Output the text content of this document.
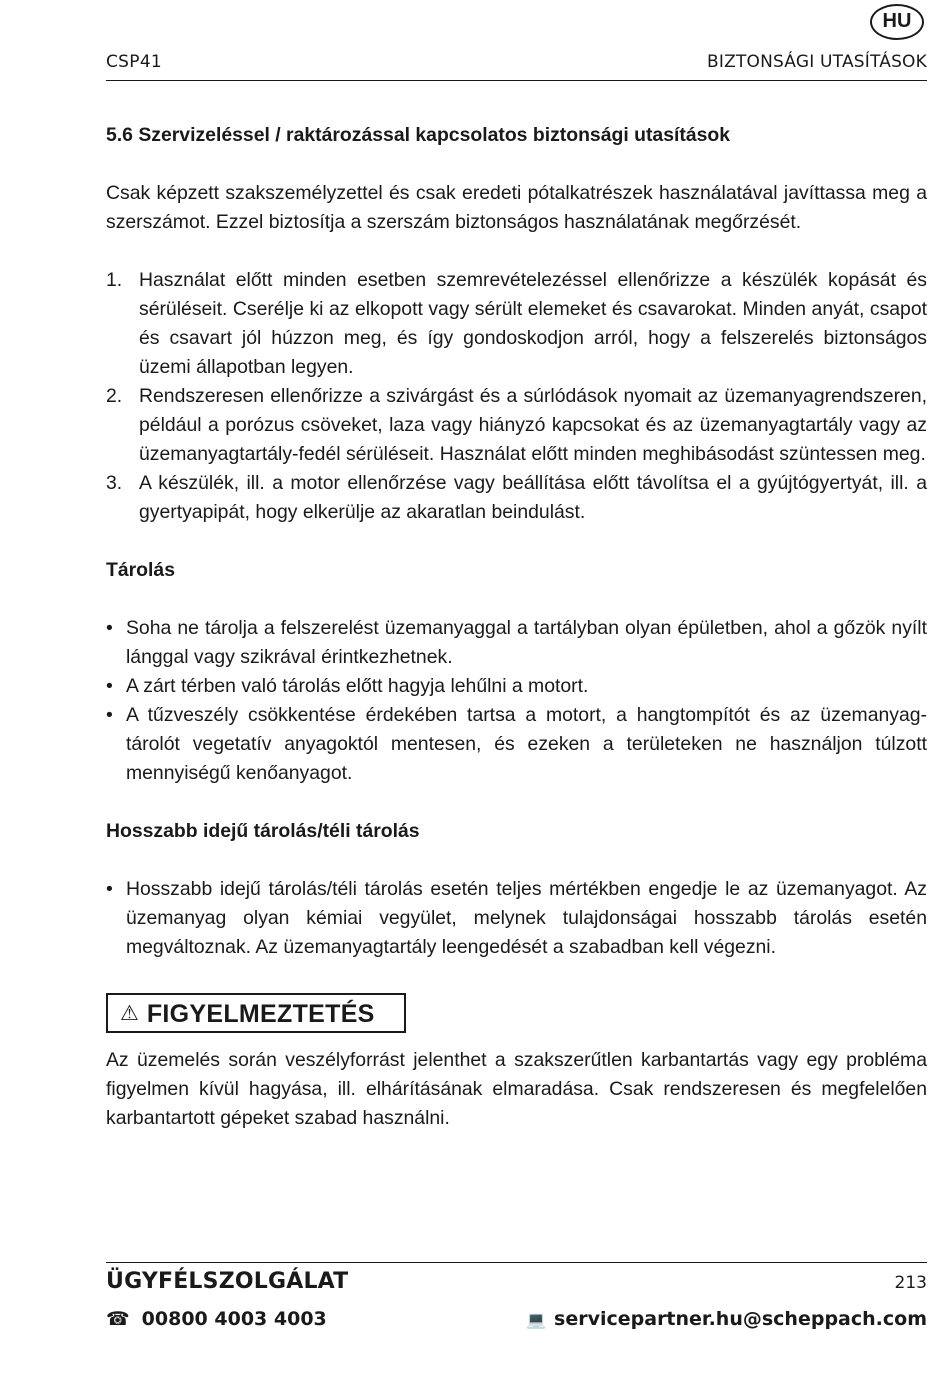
HU
CSP41	BIZTONSÁGI UTASÍTÁSOK
5.6 Szervizeléssel / raktározással kapcsolatos biztonsági utasítások

Csak képzett szakszemélyzettel és csak eredeti pótalkatrészek használatával javíttassa meg a szerszámot. Ezzel biztosítja a szerszám biztonságos használatának megőrzését.

1. Használat előtt minden esetben szemrevételezéssel ellenőrizze a készülék kopását és sérüléseit. Cserélje ki az elkopott vagy sérült elemeket és csavarokat. Minden anyát, csapot és csavart jól húzzon meg, és így gondoskodjon arról, hogy a felszerelés biztonságos üzemi állapotban legyen.
2. Rendszeresen ellenőrizze a szivárgást és a súrlódások nyomait az üzemanyagrendszeren, például a porózus csöveket, laza vagy hiányzó kapcsokat és az üzemanyagtartály vagy az üzemanyagtartály-fedél sérüléseit. Használat előtt minden meghibásodást szüntessen meg.
3. A készülék, ill. a motor ellenőrzése vagy beállítása előtt távolítsa el a gyújtógyertyát, ill. a gyertyapipát, hogy elkerülje az akaratlan beindulást.
Tárolás
• Soha ne tárolja a felszerelést üzemanyaggal a tartályban olyan épületben, ahol a gőzök nyílt lánggal vagy szikrával érintkezhetnek.
• A zárt térben való tárolás előtt hagyja lehűlni a motort.
• A tűzveszély csökkentése érdekében tartsa a motort, a hangtompítót és az üzemanyag-tárolót vegetatív anyagoktól mentesen, és ezeken a területeken ne használjon túlzott mennyiségű kenőanyagot.
Hosszabb idejű tárolás/téli tárolás
• Hosszabb idejű tárolás/téli tárolás esetén teljes mértékben engedje le az üzemanyagot. Az üzemanyag olyan kémiai vegyület, melynek tulajdonságai hosszabb tárolás esetén megváltoznak. Az üzemanyagtartály leengedését a szabadban kell végezni.
⚠ FIGYELMEZTETÉS

Az üzemelés során veszélyforrást jelenthet a szakszerűtlen karbantartás vagy egy probléma figyelmen kívül hagyása, ill. elhárításának elmaradása. Csak rendszeresen és megfelelően karbantartott gépeket szabad használni.

ÜGYFÉLSZOLGÁLAT	213
☎ 00800 4003 4003	💻 servicepartner.hu@scheppach.com
